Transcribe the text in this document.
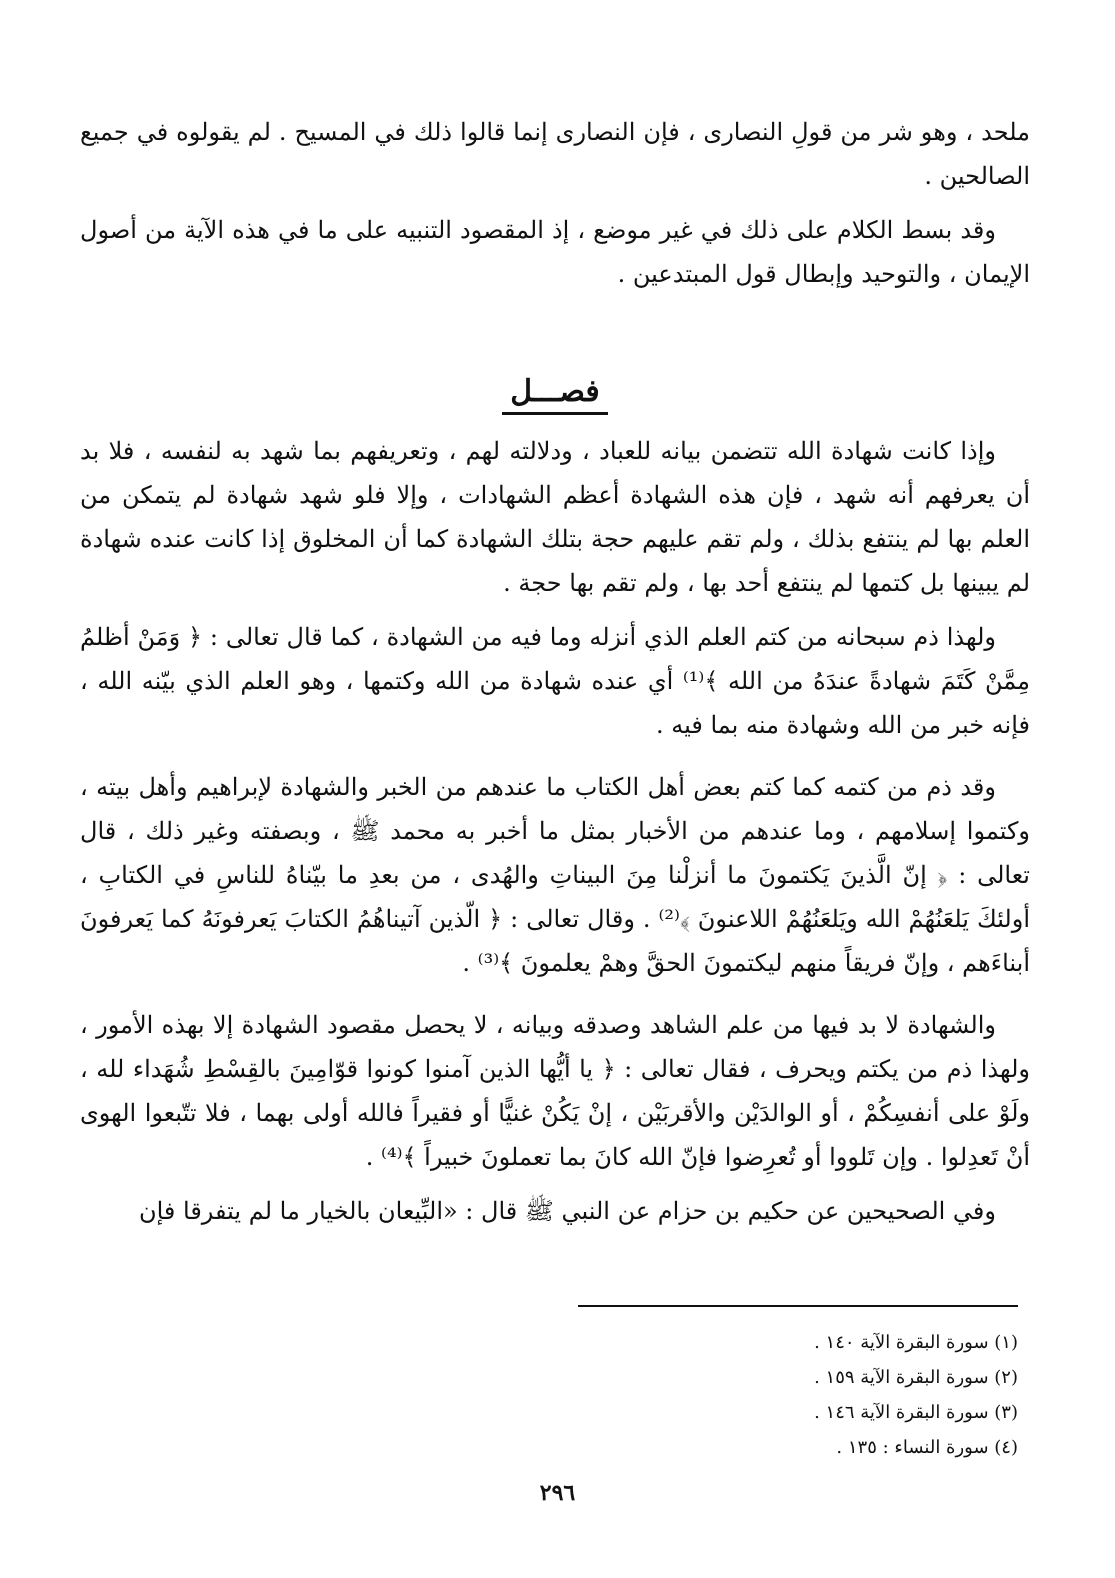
ملحد ، وهو شر من قولِ النصارى ، فإن النصارى إنما قالوا ذلك في المسيح . لم يقولوه في جميع الصالحين .

وقد بسط الكلام على ذلك في غير موضع ، إذ المقصود التنبيه على ما في هذه الآية من أصول الإيمان ، والتوحيد وإبطال قول المبتدعين .

فصـــل

وإذا كانت شهادة الله تتضمن بيانه للعباد ، ودلالته لهم ، وتعريفهم بما شهد به لنفسه ، فلا بد أن يعرفهم أنه شهد ، فإن هذه الشهادة أعظم الشهادات ، وإلا فلو شهد شهادة لم يتمكن من العلم بها لم ينتفع بذلك ، ولم تقم عليهم حجة بتلك الشهادة كما أن المخلوق إذا كانت عنده شهادة لم يبينها بل كتمها لم ينتفع أحد بها ، ولم تقم بها حجة .

ولهذا ذم سبحانه من كتم العلم الذي أنزله وما فيه من الشهادة ، كما قال تعالى : ﴿ وَمَنْ أظلمُ مِمَّنْ كَتَمَ شهادةً عندَهُ من الله ﴾⁽¹⁾ أي عنده شهادة من الله وكتمها ، وهو العلم الذي بيّنه الله ، فإنه خبر من الله وشهادة منه بما فيه .

وقد ذم من كتمه كما كتم بعض أهل الكتاب ما عندهم من الخبر والشهادة لإبراهيم وأهل بيته ، وكتموا إسلامهم ، وما عندهم من الأخبار بمثل ما أخبر به محمد ﷺ ، وبصفته وغير ذلك ، قال تعالى : ﴿ إنّ الَّذينَ يَكتمونَ ما أنزلْنا مِنَ البيناتِ والهُدى ، من بعدِ ما بيّناهُ للناسِ في الكتابِ ، أولئكَ يَلعَنُهُمْ الله ويَلعَنُهُمْ اللاعنونَ ﴾⁽²⁾ . وقال تعالى : ﴿ الّذين آتيناهُمُ الكتابَ يَعرفونَهُ كما يَعرفونَ أبناءَهم ، وإنّ فريقاً منهم ليكتمونَ الحقَّ وهمْ يعلمونَ ﴾⁽³⁾ .

والشهادة لا بد فيها من علم الشاهد وصدقه وبيانه ، لا يحصل مقصود الشهادة إلا بهذه الأمور ، ولهذا ذم من يكتم ويحرف ، فقال تعالى : ﴿ يا أيُّها الذين آمنوا كونوا قوّامِينَ بالقِسْطِ شُهَداء لله ، ولَوْ على أنفسِكُمْ ، أو الوالدَيْن والأقربَيْن ، إنْ يَكُنْ غنيًّا أو فقيراً فالله أولى بهما ، فلا تتّبعوا الهوى أنْ تَعدِلوا . وإن تَلووا أو تُعرِضوا فإنّ الله كانَ بما تعملونَ خبيراً ﴾⁽⁴⁾ .

وفي الصحيحين عن حكيم بن حزام عن النبي ﷺ قال : «البِّيعان بالخيار ما لم يتفرقا فإن

(١) سورة البقرة الآية ١٤٠ .

(٢) سورة البقرة الآية ١٥٩ .

(٣) سورة البقرة الآية ١٤٦ .

(٤) سورة النساء : ١٣٥ .

٢٩٦
